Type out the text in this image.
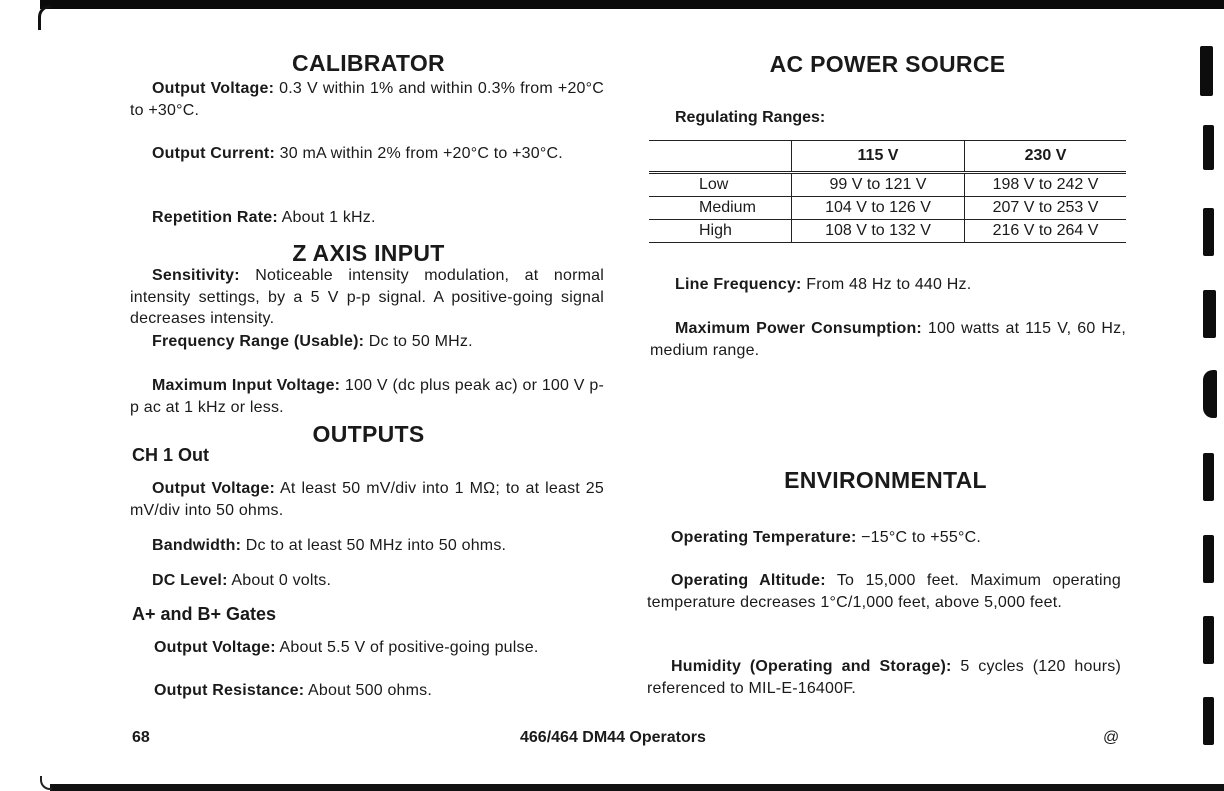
CALIBRATOR

Output Voltage: 0.3 V within 1% and within 0.3% from +20°C to +30°C.

Output Current: 30 mA within 2% from +20°C to +30°C.

Repetition Rate: About 1 kHz.

Z AXIS INPUT

Sensitivity: Noticeable intensity modulation, at normal intensity settings, by a 5 V p-p signal. A positive-going signal decreases intensity.

Frequency Range (Usable): Dc to 50 MHz.

Maximum Input Voltage: 100 V (dc plus peak ac) or 100 V p-p ac at 1 kHz or less.

OUTPUTS
CH 1 Out

Output Voltage: At least 50 mV/div into 1 MΩ; to at least 25 mV/div into 50 ohms.

Bandwidth: Dc to at least 50 MHz into 50 ohms.

DC Level: About 0 volts.

A+ and B+ Gates

Output Voltage: About 5.5 V of positive-going pulse.

Output Resistance: About 500 ohms.

AC POWER SOURCE
Regulating Ranges:
	115 V	230 V
Low	99 V to 121 V	198 V to 242 V
Medium	104 V to 126 V	207 V to 253 V
High	108 V to 132 V	216 V to 264 V

Line Frequency: From 48 Hz to 440 Hz.

Maximum Power Consumption: 100 watts at 115 V, 60 Hz, medium range.

ENVIRONMENTAL

Operating Temperature: −15°C to +55°C.

Operating Altitude: To 15,000 feet. Maximum operating temperature decreases 1°C/1,000 feet, above 5,000 feet.

Humidity (Operating and Storage): 5 cycles (120 hours) referenced to MIL-E-16400F.

68	466/464 DM44 Operators	@
